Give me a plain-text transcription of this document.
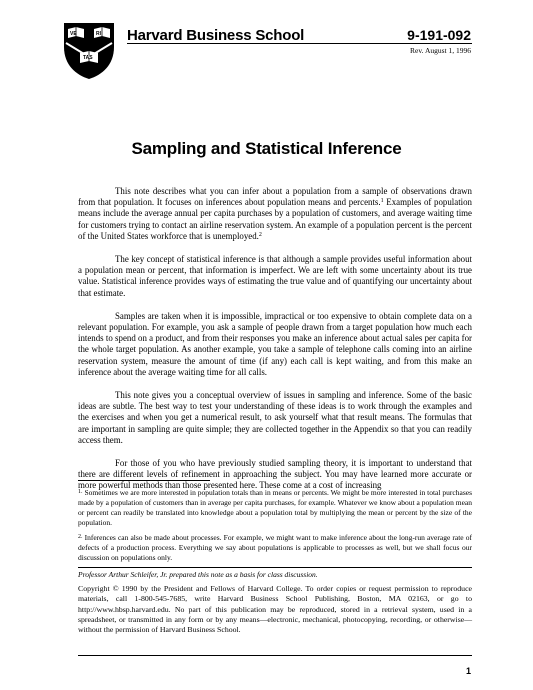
VE	RI
TAS
Harvard Business School	9-191-092
Rev. August 1, 1996
Sampling and Statistical Inference

This note describes what you can infer about a population from a sample of observations drawn from that population. It focuses on inferences about population means and percents.$^1$ Examples of population means include the average annual per capita purchases by a population of customers, and average waiting time for customers trying to contact an airline reservation system. An example of a population percent is the percent of the United States workforce that is unemployed.$^2$

The key concept of statistical inference is that although a sample provides useful information about a population mean or percent, that information is imperfect. We are left with some uncertainty about its true value. Statistical inference provides ways of estimating the true value and of quantifying our uncertainty about that estimate.

Samples are taken when it is impossible, impractical or too expensive to obtain complete data on a relevant population. For example, you ask a sample of people drawn from a target population how much each intends to spend on a product, and from their responses you make an inference about actual sales per capita for the whole target population. As another example, you take a sample of telephone calls coming into an airline reservation system, measure the amount of time (if any) each call is kept waiting, and from this make an inference about the average waiting time for all calls.

This note gives you a conceptual overview of issues in sampling and inference. Some of the basic ideas are subtle. The best way to test your understanding of these ideas is to work through the examples and the exercises and when you get a numerical result, to ask yourself what that result means. The formulas that are important in sampling are quite simple; they are collected together in the Appendix so that you can readily access them.

For those of you who have previously studied sampling theory, it is important to understand that there are different levels of refinement in approaching the subject. You may have learned more accurate or more powerful methods than those presented here. These come at a cost of increasing

$^{1.}$ Sometimes we are more interested in population totals than in means or percents. We might be more interested in total purchases made by a population of customers than in average per capita purchases, for example. Whatever we know about a population mean or percent can readily be translated into knowledge about a population total by multiplying the mean or percent by the size of the population.

$^{2.}$ Inferences can also be made about processes. For example, we might want to make inference about the long-run average rate of defects of a production process. Everything we say about populations is applicable to processes as well, but we shall focus our discussion on populations only.

Professor Arthur Schleifer, Jr. prepared this note as a basis for class discussion.
Copyright © 1990 by the President and Fellows of Harvard College. To order copies or request permission to reproduce materials, call 1-800-545-7685, write Harvard Business School Publishing, Boston, MA 02163, or go to http://www.hbsp.harvard.edu. No part of this publication may be reproduced, stored in a retrieval system, used in a spreadsheet, or transmitted in any form or by any means—electronic, mechanical, photocopying, recording, or otherwise—without the permission of Harvard Business School.
1
